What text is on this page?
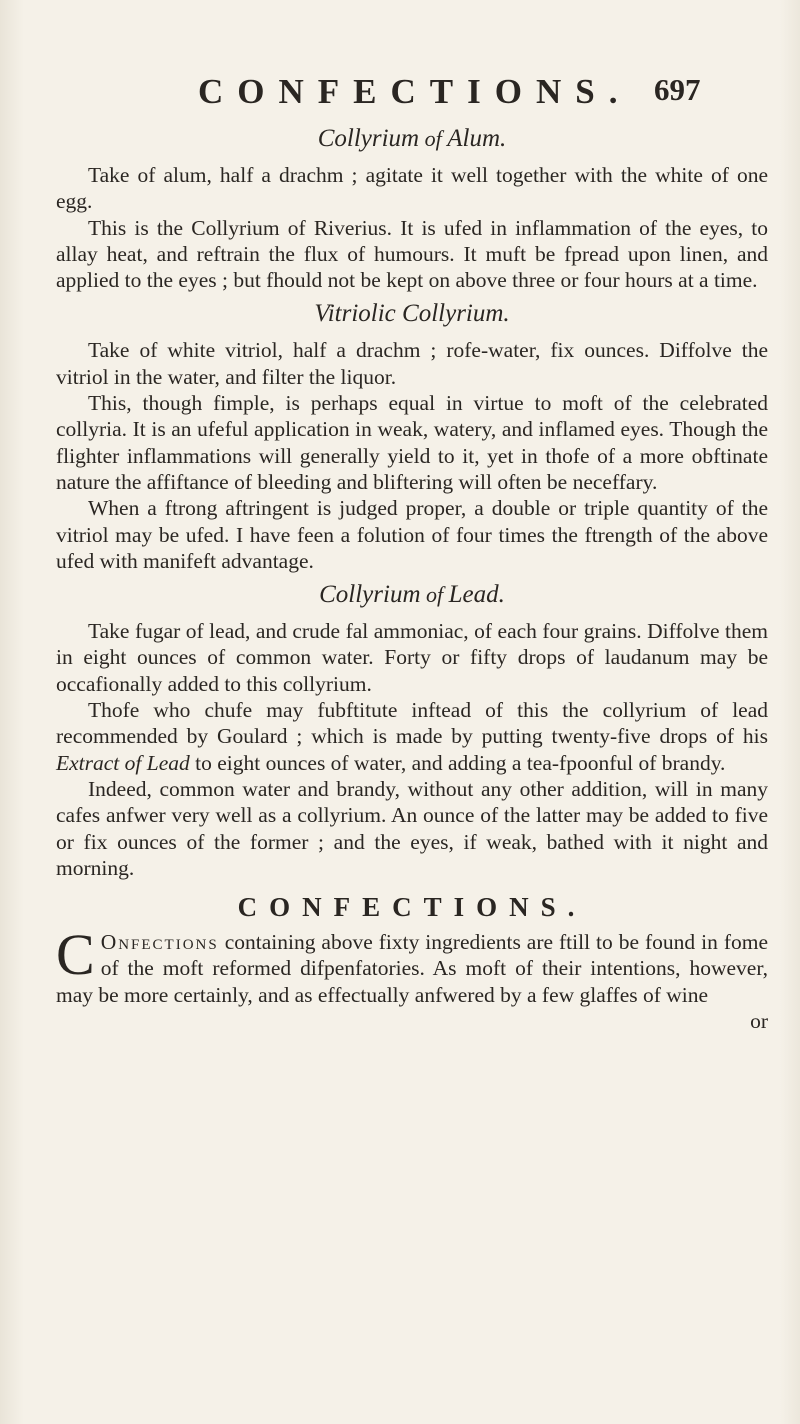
CONFECTIONS. 697
Collyrium of Alum.

Take of alum, half a drachm ; agitate it well together with the white of one egg.

This is the Collyrium of Riverius. It is ufed in inflammation of the eyes, to allay heat, and reftrain the flux of humours. It muft be fpread upon linen, and applied to the eyes ; but fhould not be kept on above three or four hours at a time.

Vitriolic Collyrium.

Take of white vitriol, half a drachm ; rofe-water, fix ounces. Diffolve the vitriol in the water, and filter the liquor.

This, though fimple, is perhaps equal in virtue to moft of the celebrated collyria. It is an ufeful application in weak, watery, and inflamed eyes. Though the flighter inflammations will generally yield to it, yet in thofe of a more obftinate nature the affiftance of bleeding and bliftering will often be neceffary.

When a ftrong aftringent is judged proper, a double or triple quantity of the vitriol may be ufed. I have feen a folution of four times the ftrength of the above ufed with manifeft advantage.

Collyrium of Lead.

Take fugar of lead, and crude fal ammoniac, of each four grains. Diffolve them in eight ounces of common water. Forty or fifty drops of laudanum may be occafionally added to this collyrium.

Thofe who chufe may fubftitute inftead of this the collyrium of lead recommended by Goulard ; which is made by putting twenty-five drops of his Extract of Lead to eight ounces of water, and adding a tea-fpoonful of brandy.

Indeed, common water and brandy, without any other addition, will in many cafes anfwer very well as a collyrium. An ounce of the latter may be added to five or fix ounces of the former ; and the eyes, if weak, bathed with it night and morning.

CONFECTIONS.

C Onfections containing above fixty ingredients are ftill to be found in fome of the moft reformed difpenfatories. As moft of their intentions, however, may be more certainly, and as effectually anfwered by a few glaffes of wine

or
